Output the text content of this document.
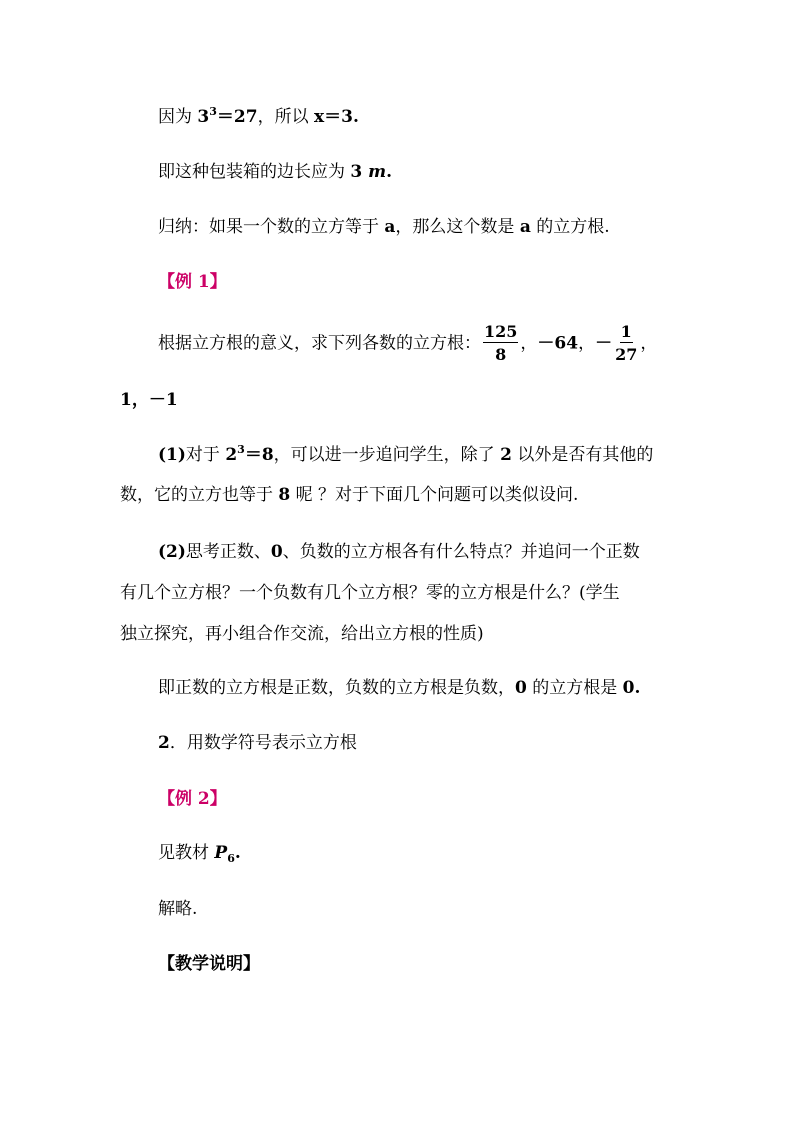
因为 $3^3=27$，所以 x＝3.
即这种包装箱的边长应为 3 m.
归纳：如果一个数的立方等于 a，那么这个数是 a 的立方根.
【例 1】
根据立方根的意义，求下列各数的立方根： $\frac{125}{8}$ ，－64，－ $\frac{1}{27}$ ，
1，－1
(1)对于 $2^3=8$，可以进一步追问学生，除了 2 以外是否有其他的
数，它的立方也等于 8 呢 ？对于下面几个问题可以类似设问.
(2)思考正数、0、负数的立方根各有什么特点？并追问一个正数
有几个立方根？一个负数有几个立方根？零的立方根是什么？(学生
独立探究，再小组合作交流，给出立方根的性质)
即正数的立方根是正数，负数的立方根是负数，0 的立方根是 0.
2．用数学符号表示立方根
【例 2】
见教材 $P_6$.
解略.
【教学说明】
